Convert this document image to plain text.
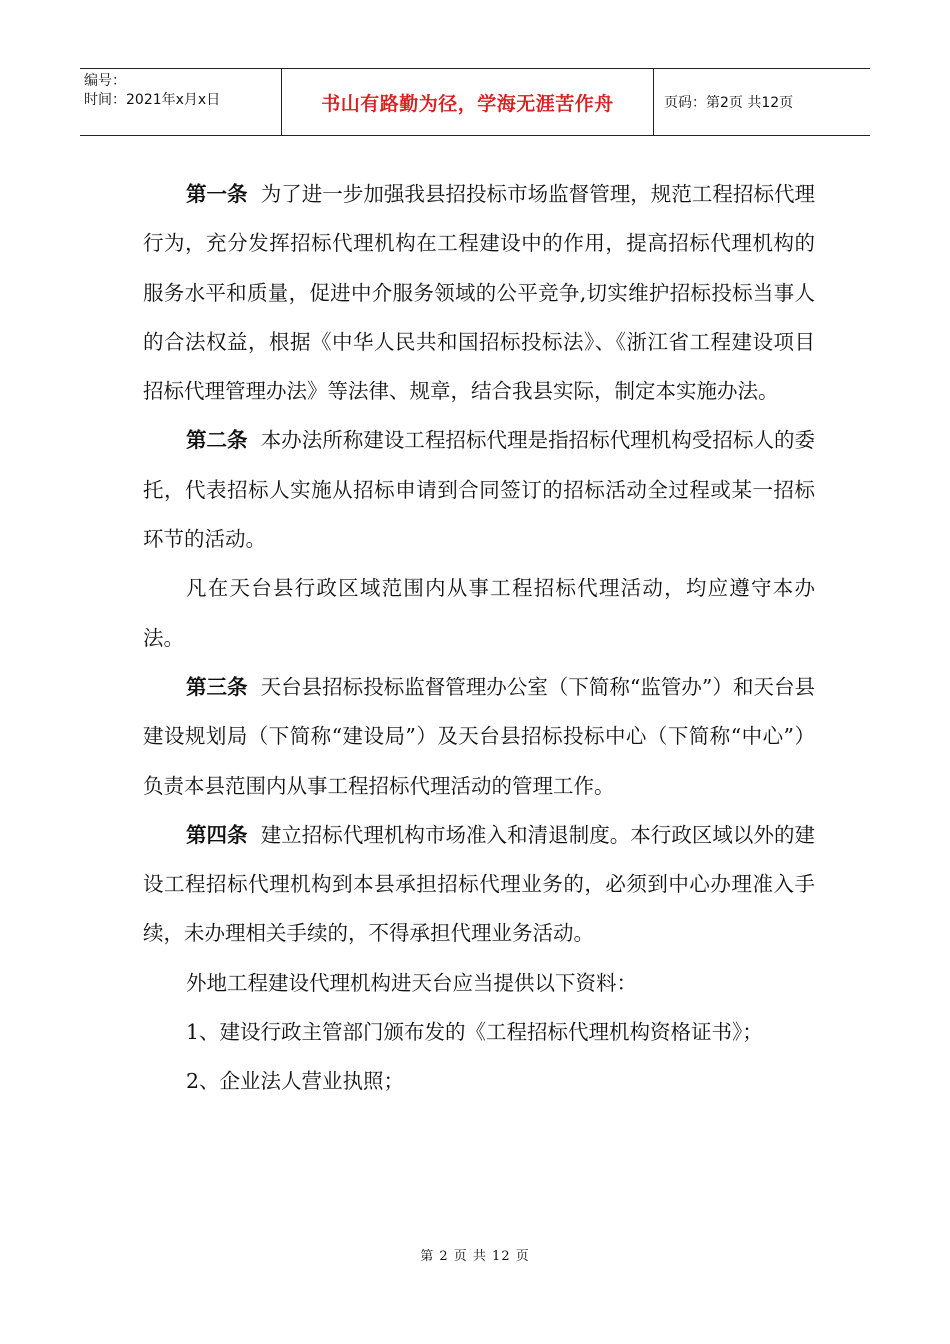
编号：
时间：2021年x月x日	书山有路勤为径，学海无涯苦作舟	页码：第2页 共12页

第一条 为了进一步加强我县招投标市场监督管理，规范工程招标代理行为，充分发挥招标代理机构在工程建设中的作用，提高招标代理机构的服务水平和质量，促进中介服务领域的公平竞争,切实维护招标投标当事人的合法权益，根据《中华人民共和国招标投标法》、《浙江省工程建设项目招标代理管理办法》等法律、规章，结合我县实际，制定本实施办法。

第二条 本办法所称建设工程招标代理是指招标代理机构受招标人的委托，代表招标人实施从招标申请到合同签订的招标活动全过程或某一招标环节的活动。

凡在天台县行政区域范围内从事工程招标代理活动，均应遵守本办法。

第三条 天台县招标投标监督管理办公室（下简称“监管办”）和天台县建设规划局（下简称“建设局”）及天台县招标投标中心（下简称“中心”）负责本县范围内从事工程招标代理活动的管理工作。

第四条 建立招标代理机构市场准入和清退制度。本行政区域以外的建设工程招标代理机构到本县承担招标代理业务的，必须到中心办理准入手续，未办理相关手续的，不得承担代理业务活动。

外地工程建设代理机构进天台应当提供以下资料：

1、建设行政主管部门颁布发的《工程招标代理机构资格证书》；

2、企业法人营业执照；

第 2 页 共 12 页
